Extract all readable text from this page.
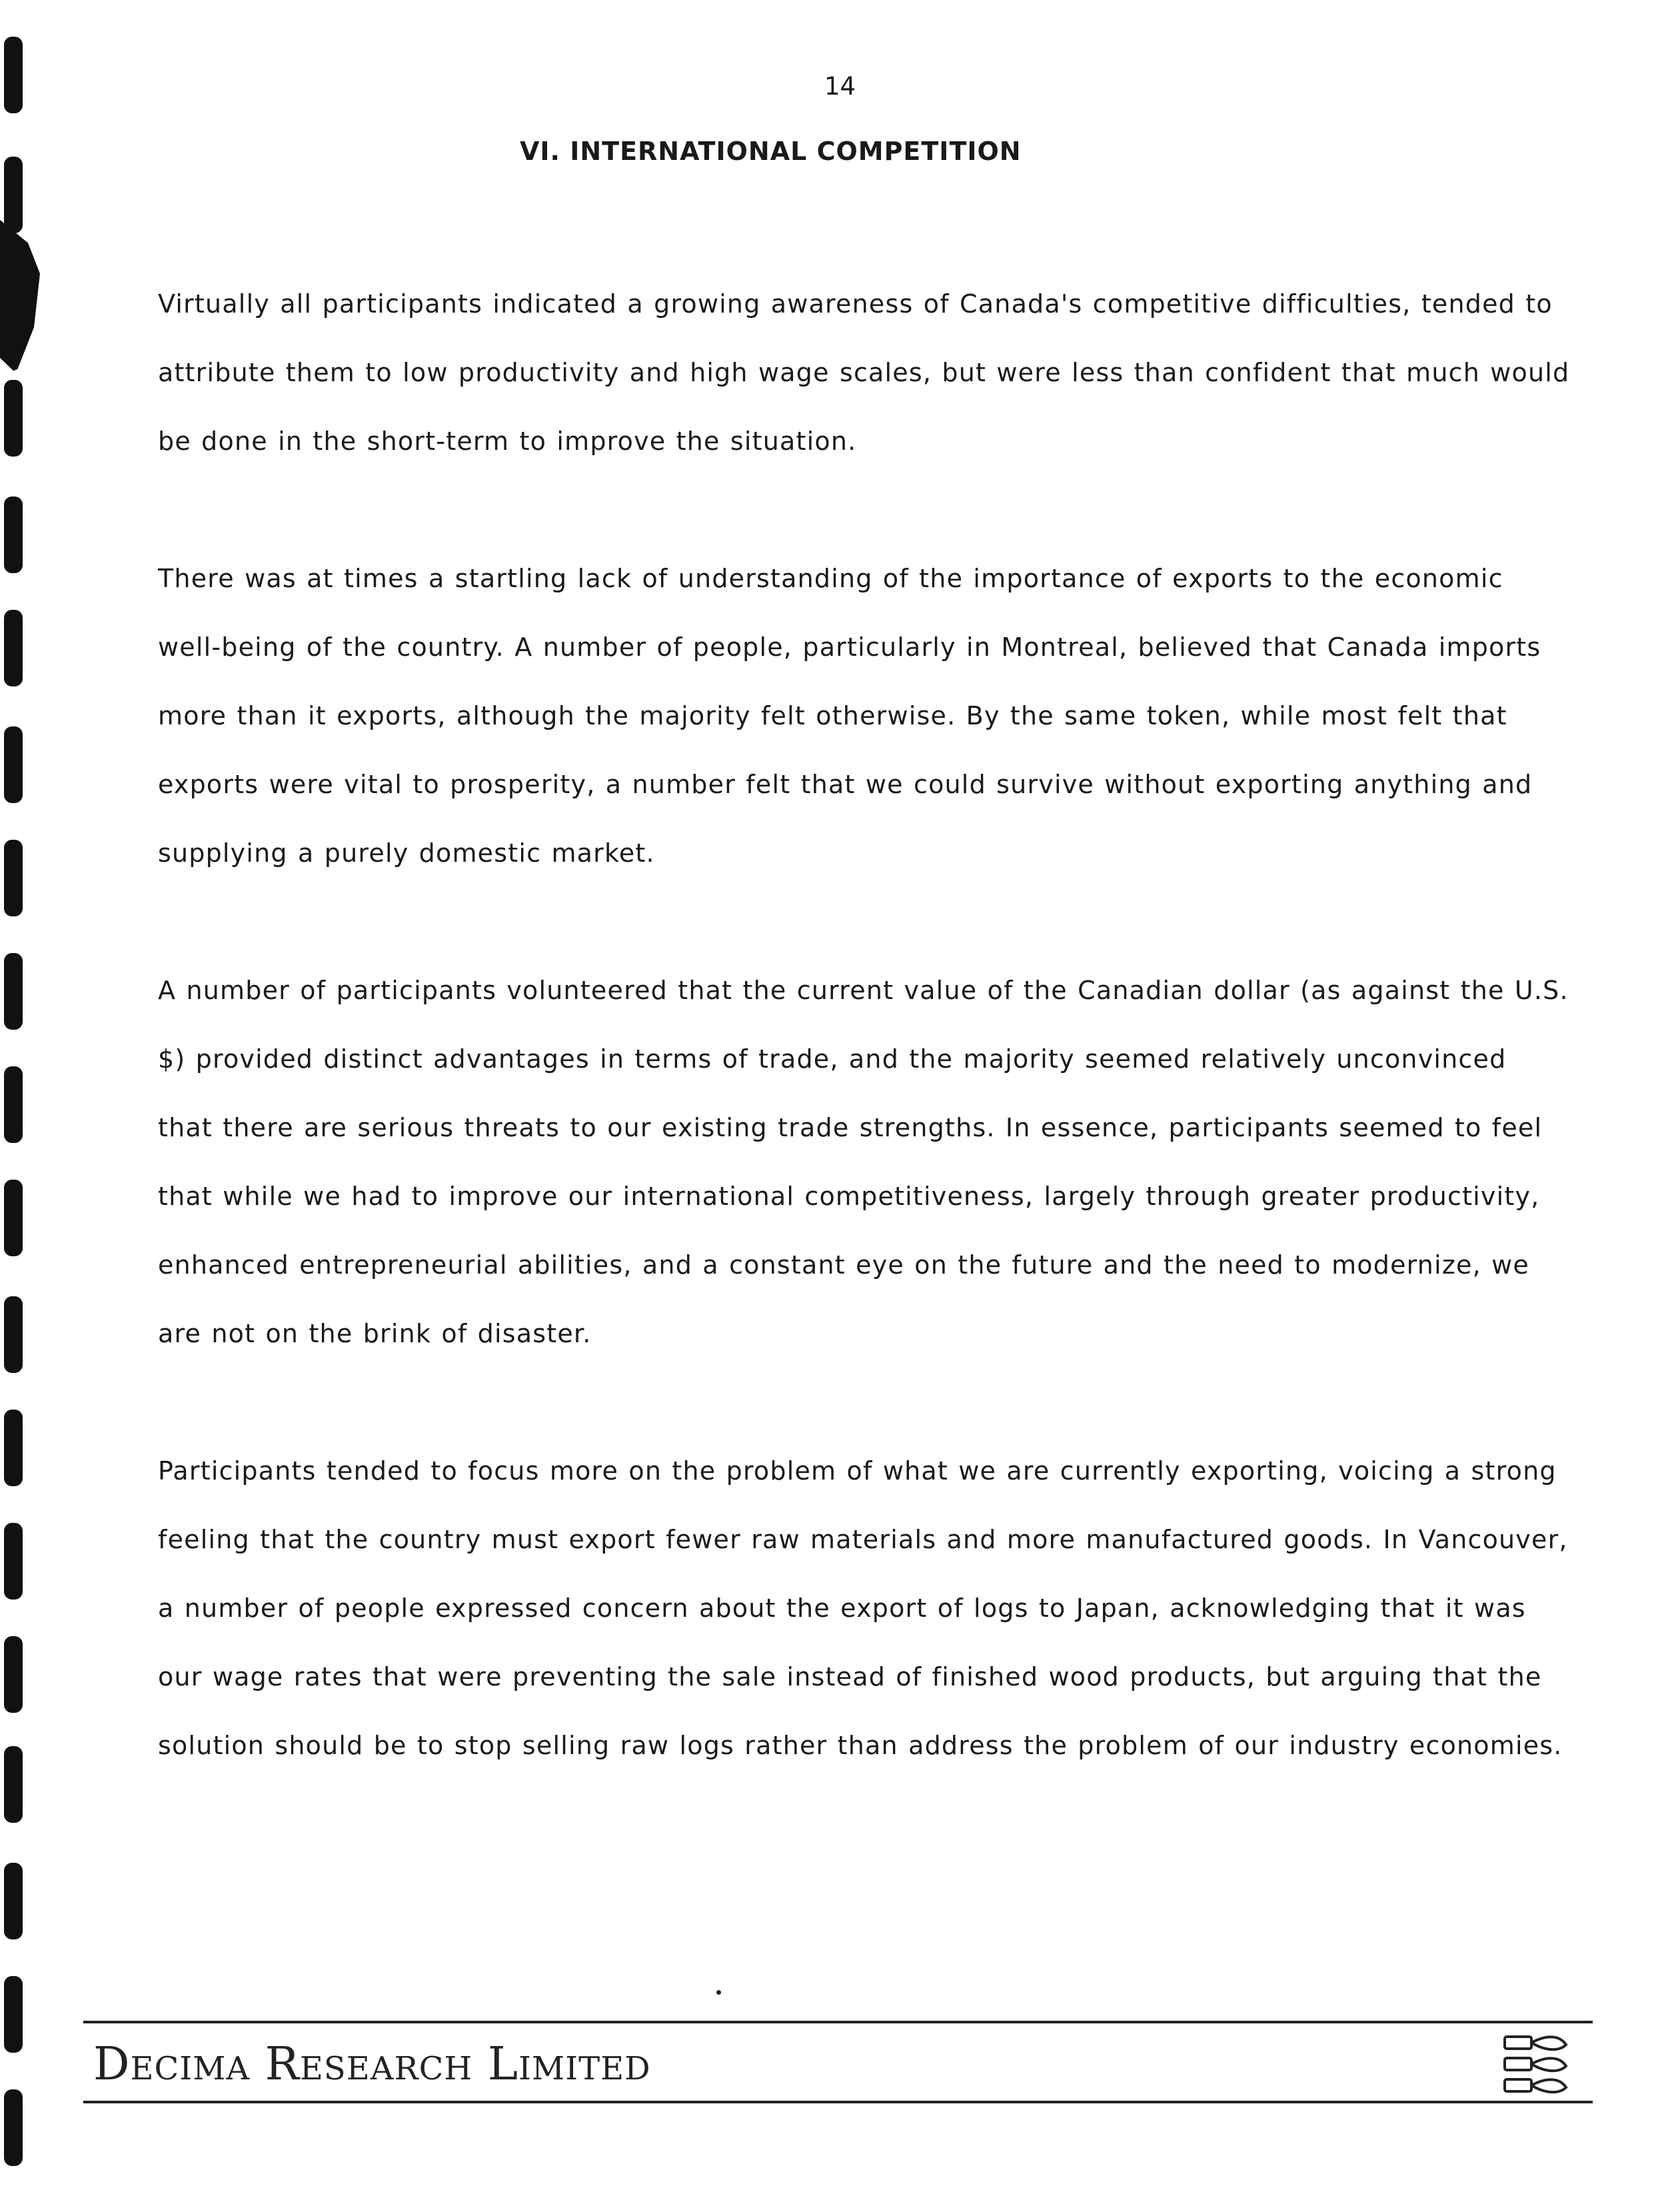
14
VI. INTERNATIONAL COMPETITION

Virtually all participants indicated a growing awareness of Canada's competitive difficulties, tended to attribute them to low productivity and high wage scales, but were less than confident that much would be done in the short-term to improve the situation.

There was at times a startling lack of understanding of the importance of exports to the economic well-being of the country. A number of people, particularly in Montreal, believed that Canada imports more than it exports, although the majority felt otherwise. By the same token, while most felt that exports were vital to prosperity, a number felt that we could survive without exporting anything and supplying a purely domestic market.

A number of participants volunteered that the current value of the Canadian dollar (as against the U.S. $) provided distinct advantages in terms of trade, and the majority seemed relatively unconvinced that there are serious threats to our existing trade strengths. In essence, participants seemed to feel that while we had to improve our international competitiveness, largely through greater productivity, enhanced entrepreneurial abilities, and a constant eye on the future and the need to modernize, we are not on the brink of disaster.

Participants tended to focus more on the problem of what we are currently exporting, voicing a strong feeling that the country must export fewer raw materials and more manufactured goods. In Vancouver, a number of people expressed concern about the export of logs to Japan, acknowledging that it was our wage rates that were preventing the sale instead of finished wood products, but arguing that the solution should be to stop selling raw logs rather than address the problem of our industry economies.

Decima Research Limited
